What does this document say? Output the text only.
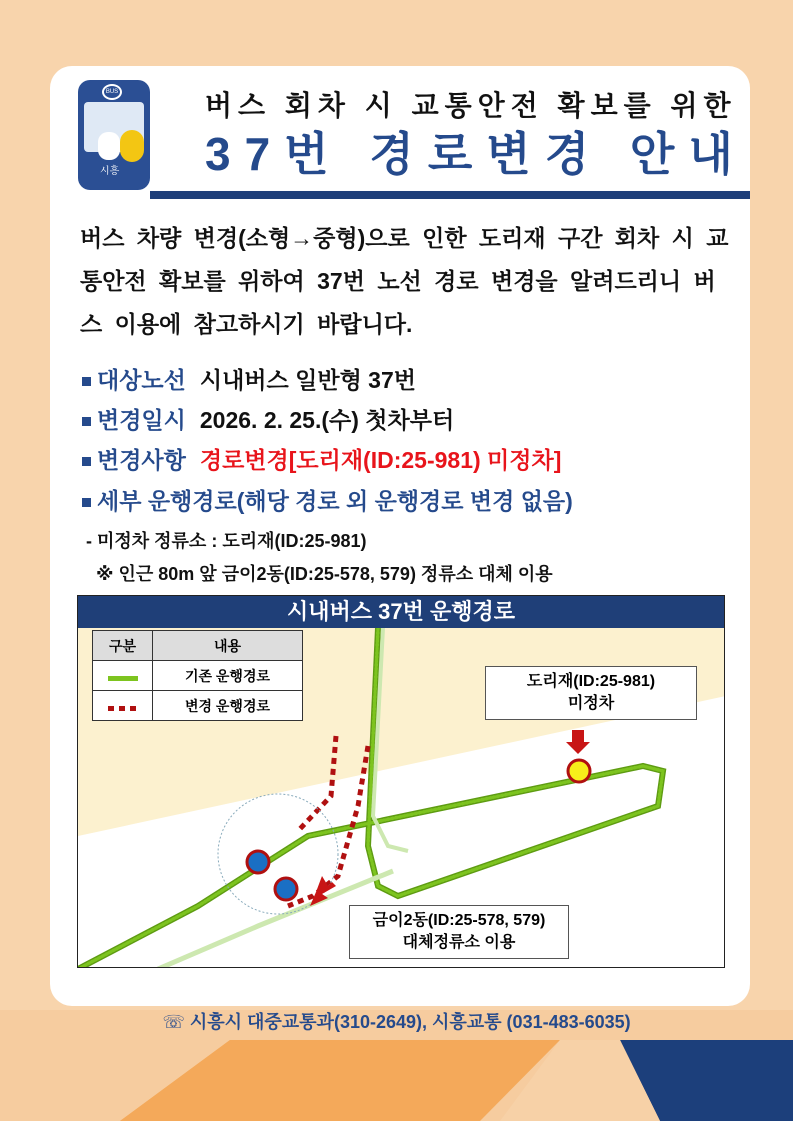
BUS
시흥
버스 회차 시 교통안전 확보를 위한
37번 경로변경 안내
버스 차량 변경(소형→중형)으로 인한 도리재 구간 회차 시 교통안전 확보를 위하여 37번 노선 경로 변경을 알려드리니 버스 이용에 참고하시기 바랍니다.
대상노선 시내버스 일반형 37번
변경일시 2026. 2. 25.(수) 첫차부터
변경사항 경로변경[도리재(ID:25-981) 미정차]
세부 운행경로(해당 경로 외 운행경로 변경 없음)
- 미정차 정류소 : 도리재(ID:25-981)
※ 인근 80m 앞 금이2동(ID:25-578, 579) 정류소 대체 이용
시내버스 37번 운행경로
구분	내용
	기존 운행경로
	변경 운행경로
도리재(ID:25-981)
미정차
금이2동(ID:25-578, 579)
대체정류소 이용
☏ 시흥시 대중교통과(310-2649), 시흥교통 (031-483-6035)
